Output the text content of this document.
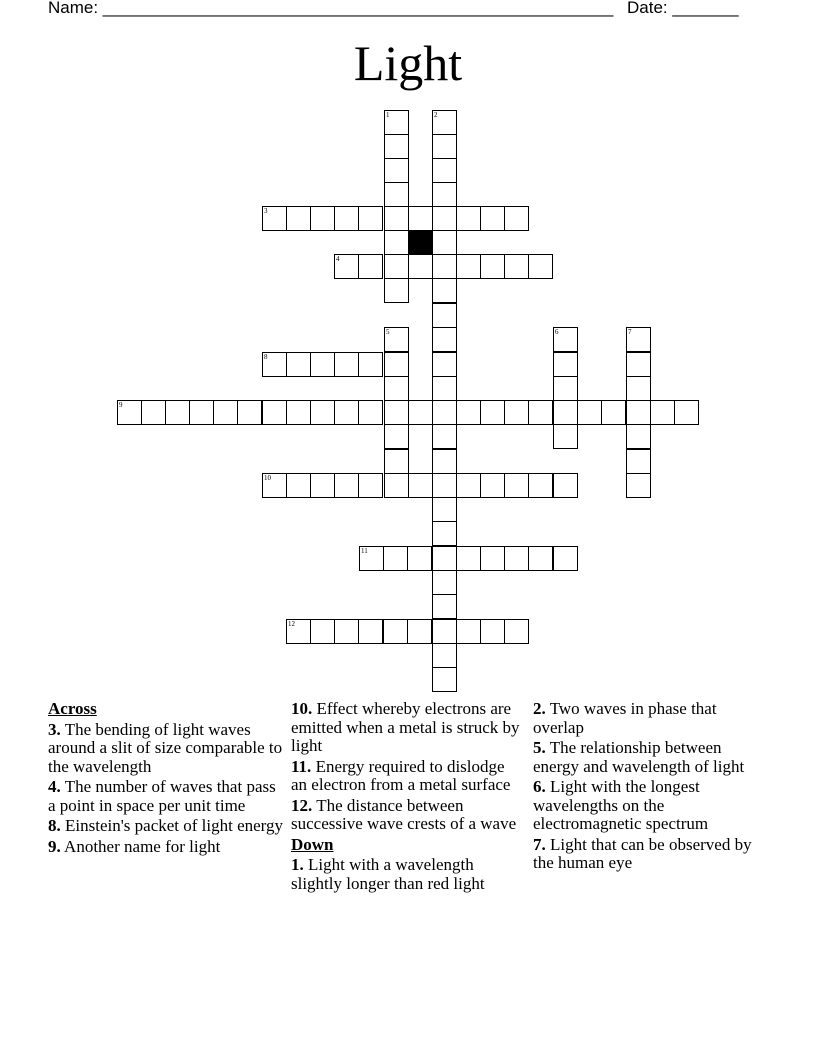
Name: ______________________________________________________ Date: _______
Light
1	2
3
4
5
8
9
6	7
10
11
12
Across
3. The bending of light waves around a slit of size comparable to the wavelength
4. The number of waves that pass a point in space per unit time
8. Einstein's packet of light energy
9. Another name for light
10. Effect whereby electrons are emitted when a metal is struck by light
11. Energy required to dislodge an electron from a metal surface
12. The distance between successive wave crests of a wave
Down
1. Light with a wavelength slightly longer than red light
2. Two waves in phase that overlap
5. The relationship between energy and wavelength of light
6. Light with the longest wavelengths on the electromagnetic spectrum
7. Light that can be observed by the human eye
